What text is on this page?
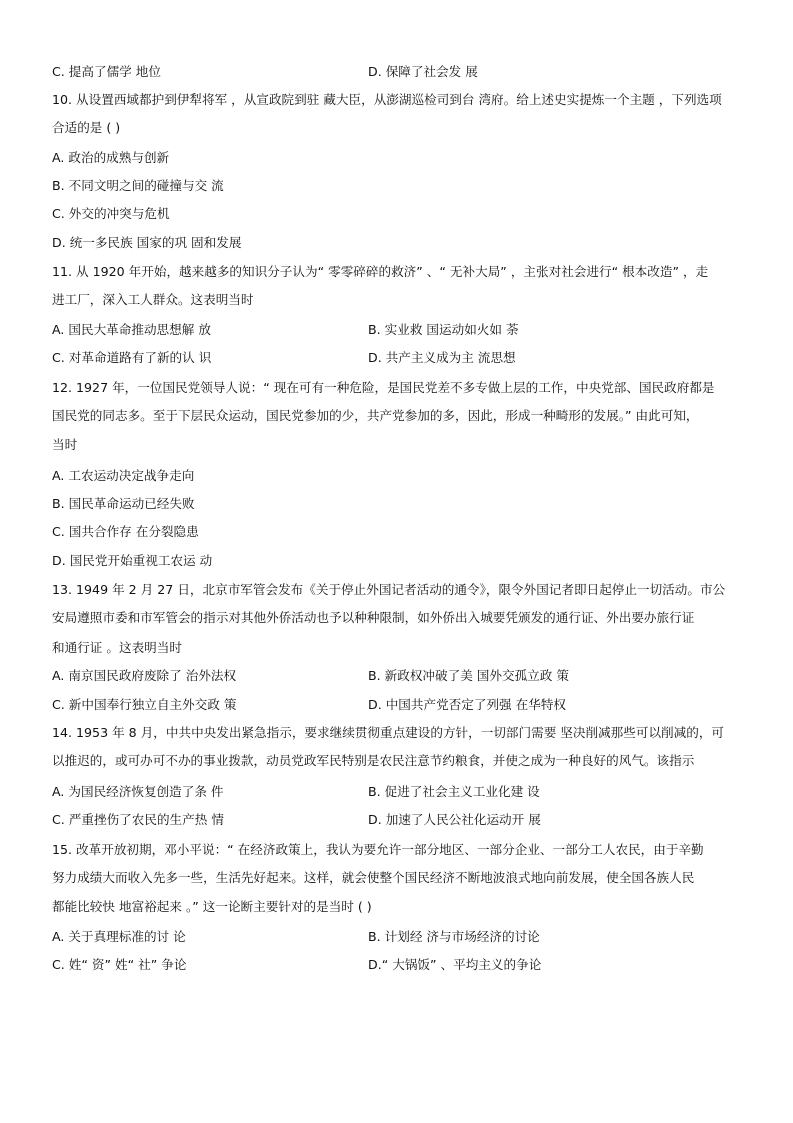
C. 提高了儒学 地位	D. 保障了社会发 展
10. 从设置西域都护到伊犁将军 ，从宣政院到驻 藏大臣，从澎湖巡检司到台 湾府。给上述史实提炼一个主题 ，下列选项
合适的是 ( )
A. 政治的成熟与创新
B. 不同文明之间的碰撞与交 流
C. 外交的冲突与危机
D. 统一多民族 国家的巩 固和发展
11. 从 1920 年开始，越来越多的知识分子认为“ 零零碎碎的救济” 、“ 无补大局” ，主张对社会进行“ 根本改造” ，走
进工厂，深入工人群众。这表明当时
A. 国民大革命推动思想解 放	B. 实业救 国运动如火如 荼
C. 对革命道路有了新的认 识	D. 共产主义成为主 流思想
12. 1927 年，一位国民党领导人说：“ 现在可有一种危险，是国民党差不多专做上层的工作，中央党部、国民政府都是
国民党的同志多。至于下层民众运动，国民党参加的少，共产党参加的多，因此，形成一种畸形的发展。” 由此可知，
当时
A. 工农运动决定战争走向
B. 国民革命运动已经失败
C. 国共合作存 在分裂隐患
D. 国民党开始重视工农运 动
13. 1949 年 2 月 27 日，北京市军管会发布《关于停止外国记者活动的通令》，限令外国记者即日起停止一切活动。市公
安局遵照市委和市军管会的指示对其他外侨活动也予以种种限制，如外侨出入城要凭颁发的通行证、外出要办旅行证
和通行证 。这表明当时
A. 南京国民政府废除了 治外法权	B. 新政权冲破了美 国外交孤立政 策
C. 新中国奉行独立自主外交政 策	D. 中国共产党否定了列强 在华特权
14. 1953 年 8 月，中共中央发出紧急指示，要求继续贯彻重点建设的方针，一切部门需要 坚决削减那些可以削减的，可
以推迟的，或可办可不办的事业拨款，动员党政军民特别是农民注意节约粮食，并使之成为一种良好的风气。该指示
A. 为国民经济恢复创造了条 件	B. 促进了社会主义工业化建 设
C. 严重挫伤了农民的生产热 情	D. 加速了人民公社化运动开 展
15. 改革开放初期，邓小平说：“ 在经济政策上，我认为要允许一部分地区、一部分企业、一部分工人农民，由于辛勤
努力成绩大而收入先多一些，生活先好起来。这样，就会使整个国民经济不断地波浪式地向前发展，使全国各族人民
都能比较快 地富裕起来 。” 这一论断主要针对的是当时 ( )
A. 关于真理标准的讨 论	B. 计划经 济与市场经济的讨论
C. 姓“ 资” 姓“ 社” 争论	D.“ 大锅饭” 、平均主义的争论
